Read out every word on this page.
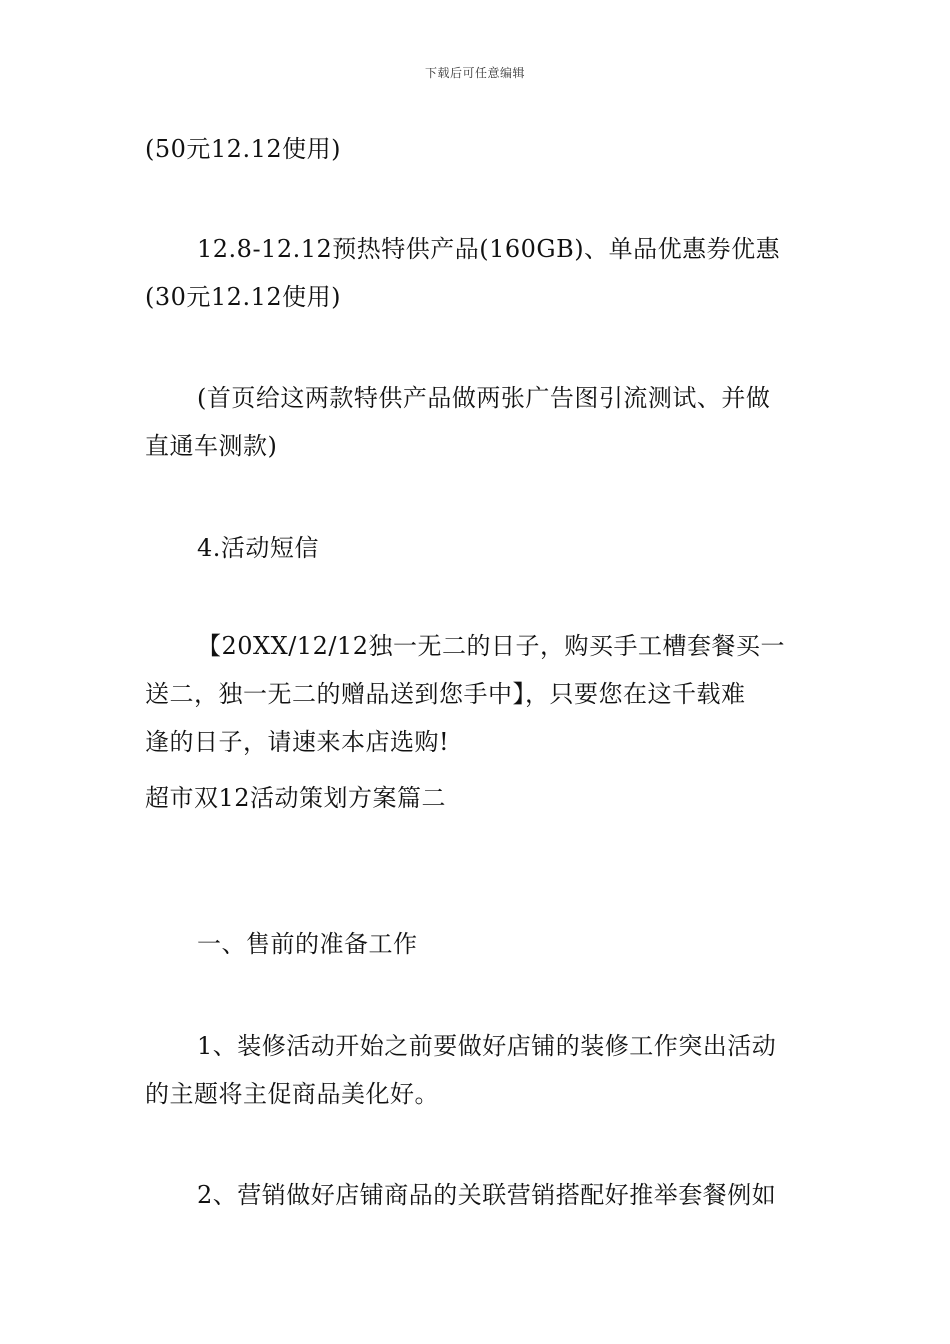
下载后可任意编辑

(50元12.12使用)

12.8-12.12预热特供产品(160GB)、单品优惠券优惠
(30元12.12使用)

(首页给这两款特供产品做两张广告图引流测试、并做
直通车测款)

4.活动短信

【20XX/12/12独一无二的日子，购买手工槽套餐买一
送二，独一无二的赠品送到您手中】，只要您在这千载难
逢的日子，请速来本店选购!

超市双12活动策划方案篇二

一、售前的准备工作

1、装修活动开始之前要做好店铺的装修工作突出活动
的主题将主促商品美化好。

2、营销做好店铺商品的关联营销搭配好推举套餐例如
